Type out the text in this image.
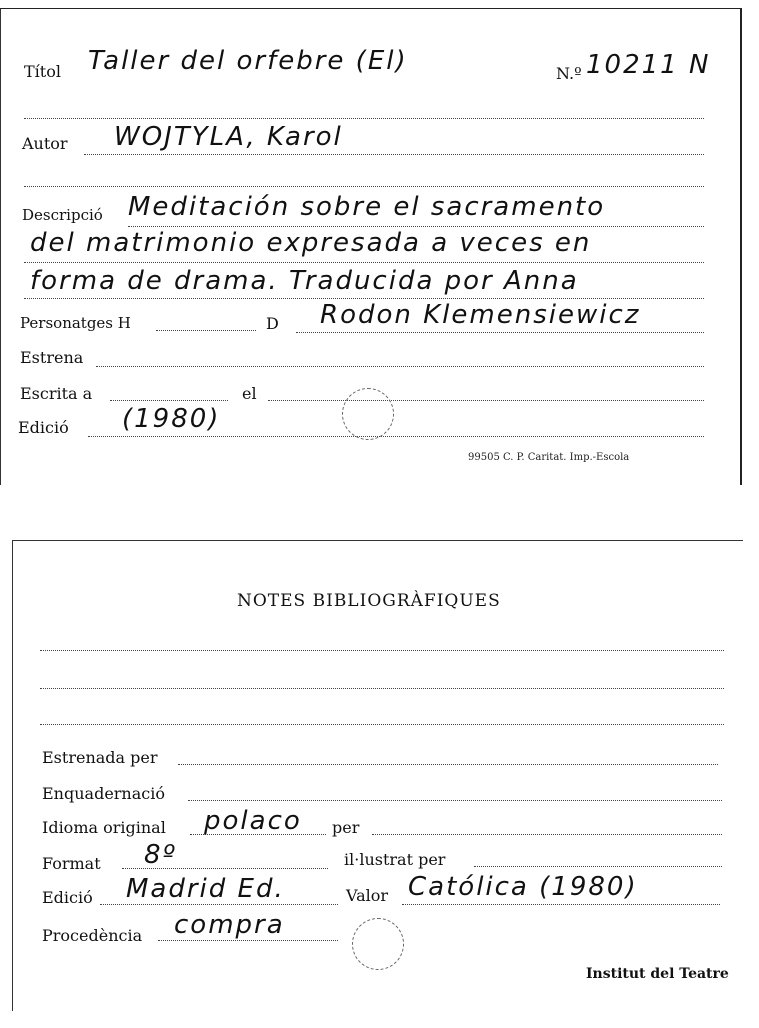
Títol Taller del orfebre (El)	N.º 10211 N
Autor WOJTYLA, Karol
Descripció Meditación sobre el sacramento
del matrimonio expresada a veces en
forma de drama. Traducida por Anna
Personatges H	D Rodon Klemensiewicz
Estrena
Escrita a	el
Edició (1980)
99505 C. P. Caritat. Imp.-Escola
NOTES BIBLIOGRÀFIQUES
Estrenada per
Enquadernació
Idioma original polaco per
Format 8º	il·lustrat per
Edició Madrid Ed.	Valor Católica (1980)
Procedència compra
Institut del Teatre
